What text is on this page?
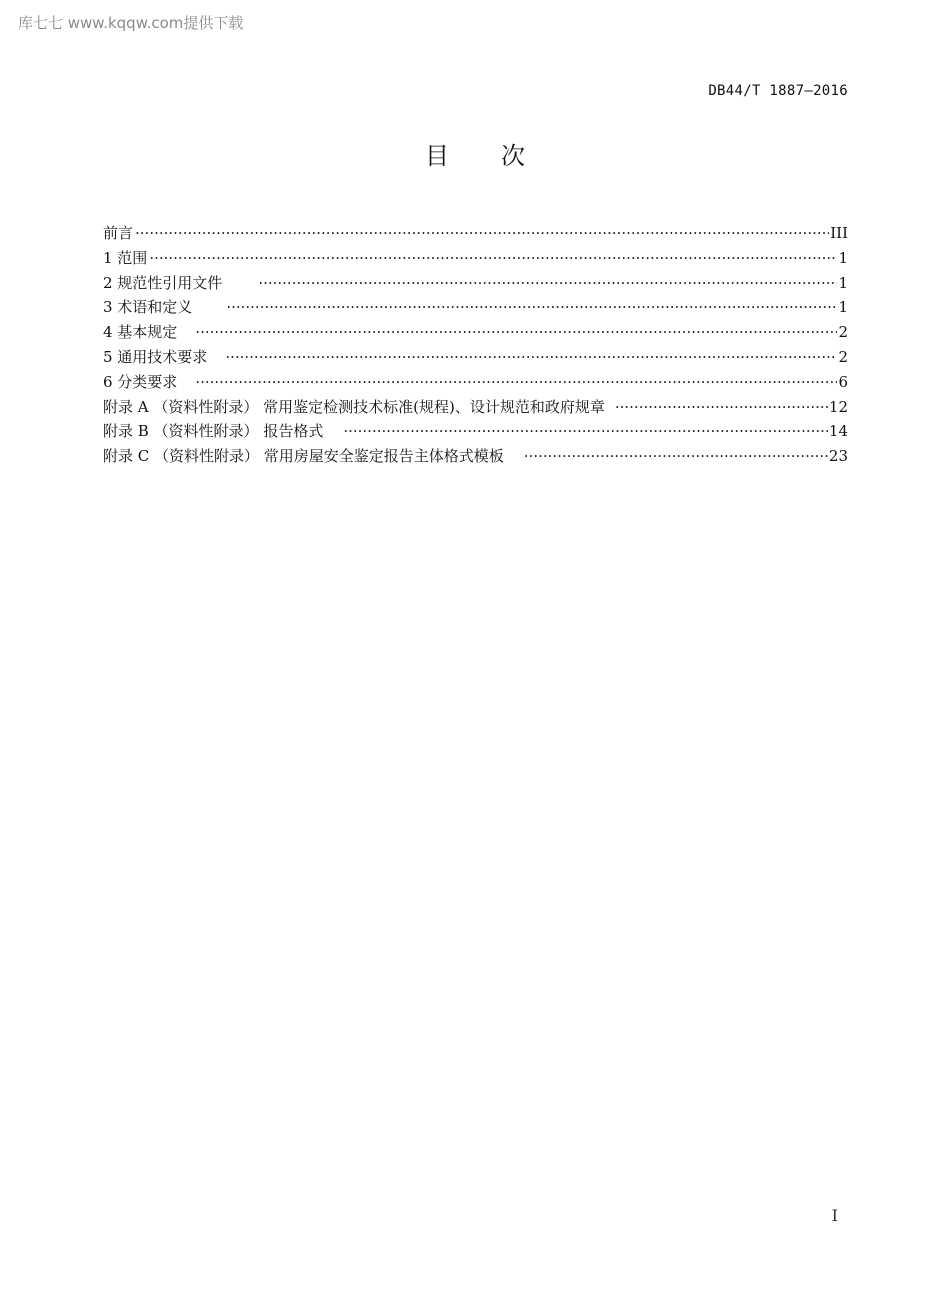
库七七 www.kqqw.com提供下载
DB44/T 1887—2016
目次
前言 ·····	III
1 范围 ·····	1
2 规范性引用文件 ·····	1
3 术语和定义 ·····	1
4 基本规定 ·····	2
5 通用技术要求 ·····	2
6 分类要求 ·····	6
附录 A （资料性附录） 常用鉴定检测技术标准(规程)、设计规范和政府规章 ·····	12
附录 B （资料性附录） 报告格式 ·····	14
附录 C （资料性附录） 常用房屋安全鉴定报告主体格式模板 ·····	23
I
